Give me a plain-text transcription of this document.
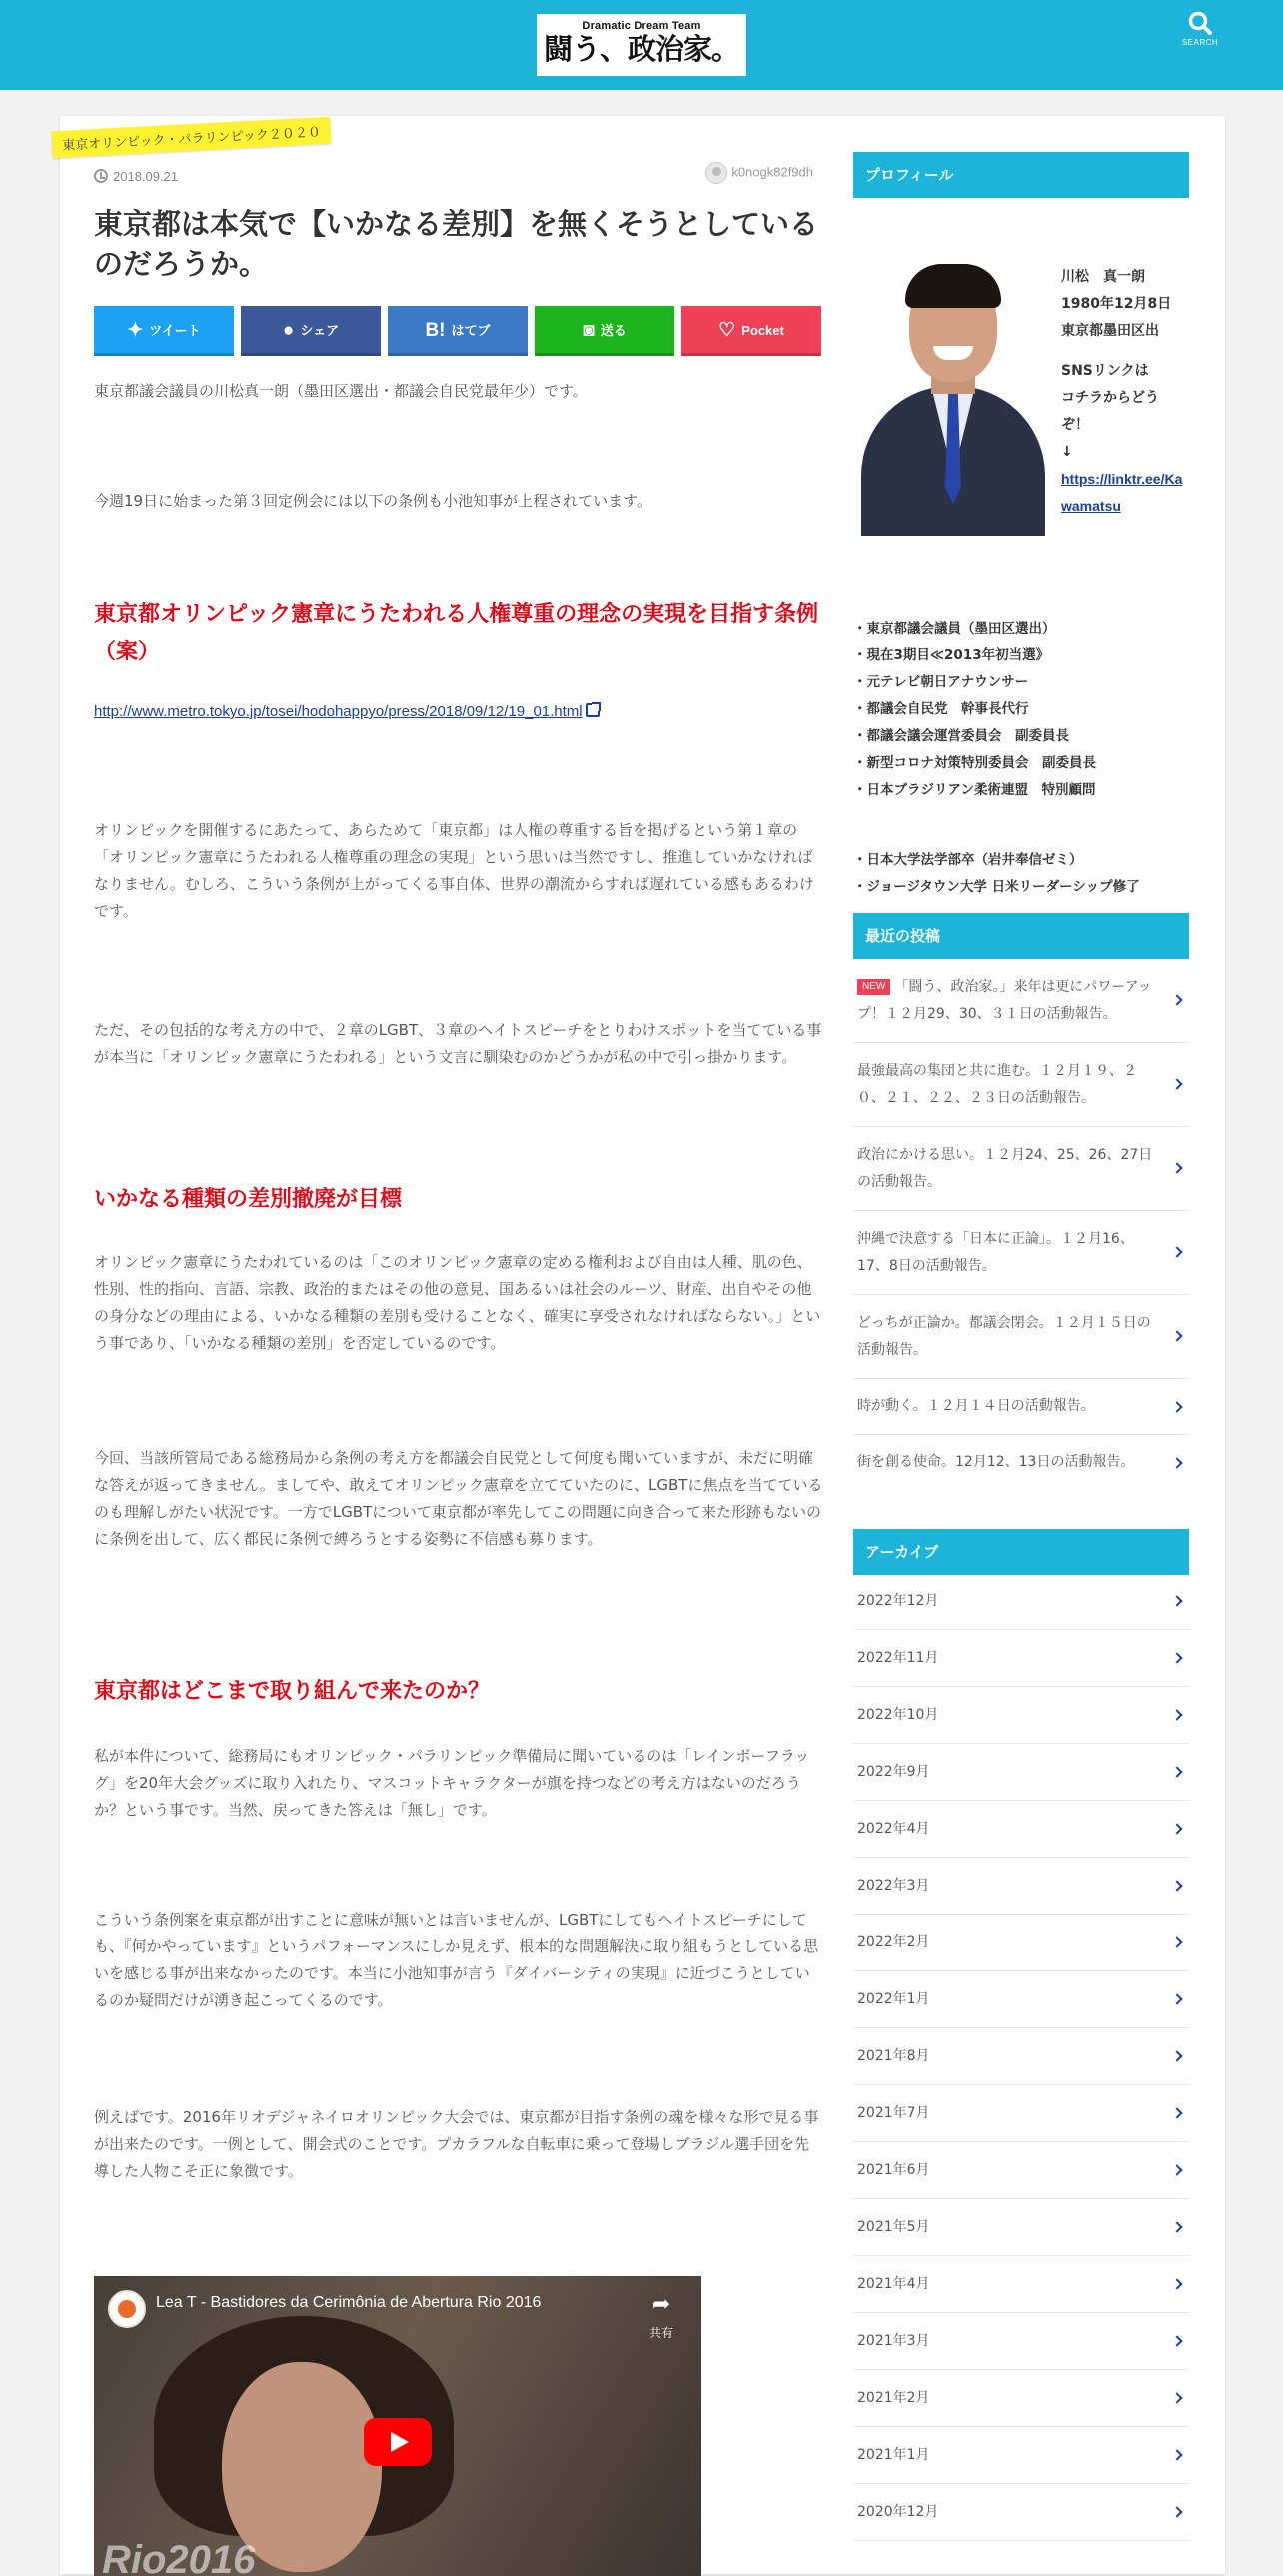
Dramatic Dream Team
闘う、政治家。	SEARCH
東京オリンピック・パラリンピック２０２０
2018.09.21	k0nogk82f9dh
東京都は本気で【いかなる差別】を無くそうとしているのだろうか。
✦ ツイート	● シェア	B! はてブ	◙ 送る	♡ Pocket

東京都議会議員の川松真一朗（墨田区選出・都議会自民党最年少）です。

今週19日に始まった第３回定例会には以下の条例も小池知事が上程されています。

東京都オリンピック憲章にうたわれる人権尊重の理念の実現を目指す条例（案）
http://www.metro.tokyo.jp/tosei/hodohappyo/press/2018/09/12/19_01.html

オリンピックを開催するにあたって、あらためて「東京都」は人権の尊重する旨を掲げるという第１章の「オリンピック憲章にうたわれる人権尊重の理念の実現」という思いは当然ですし、推進していかなければなりません。むしろ、こういう条例が上がってくる事自体、世界の潮流からすれば遅れている感もあるわけです。

ただ、その包括的な考え方の中で、２章のLGBT、３章のヘイトスピーチをとりわけスポットを当てている事が本当に「オリンピック憲章にうたわれる」という文言に馴染むのかどうかが私の中で引っ掛かります。

いかなる種類の差別撤廃が目標

オリンピック憲章にうたわれているのは「このオリンピック憲章の定める権利および自由は人種、肌の色、性別、性的指向、言語、宗教、政治的またはその他の意見、国あるいは社会のルーツ、財産、出自やその他の身分などの理由による、いかなる種類の差別も受けることなく、確実に享受されなければならない。」という事であり、「いかなる種類の差別」を否定しているのです。

今回、当該所管局である総務局から条例の考え方を都議会自民党として何度も聞いていますが、未だに明確な答えが返ってきません。ましてや、敢えてオリンピック憲章を立てていたのに、LGBTに焦点を当てているのも理解しがたい状況です。一方でLGBTについて東京都が率先してこの問題に向き合って来た形跡もないのに条例を出して、広く都民に条例で縛ろうとする姿勢に不信感も募ります。

東京都はどこまで取り組んで来たのか？

私が本件について、総務局にもオリンピック・パラリンピック準備局に聞いているのは「レインボーフラッグ」を20年大会グッズに取り入れたり、マスコットキャラクターが旗を持つなどの考え方はないのだろうか？という事です。当然、戻ってきた答えは「無し」です。

こういう条例案を東京都が出すことに意味が無いとは言いませんが、LGBTにしてもヘイトスピーチにしても、『何かやっています』というパフォーマンスにしか見えず、根本的な問題解決に取り組もうとしている思いを感じる事が出来なかったのです。本当に小池知事が言う『ダイバーシティの実現』に近づこうとしているのか疑問だけが湧き起こってくるのです。

例えばです。2016年リオデジャネイロオリンピック大会では、東京都が目指す条例の魂を様々な形で見る事が出来たのです。一例として、開会式のことです。プカラフルな自転車に乗って登場しブラジル選手団を先導した人物こそ正に象徴です。

Lea T - Bastidores da Cerimônia de Abertura Rio 2016	➦
共有
Rio2016
プロフィール
川松　真一朗
1980年12月8日
東京都墨田区出
SNSリンクは
コチラからどう
ぞ！
↓
https://linktr.ee/Kawamatsu
・東京都議会議員（墨田区選出）
・現在3期目≪2013年初当選》
・元テレビ朝日アナウンサー
・都議会自民党　幹事長代行
・都議会議会運営委員会　副委員長
・新型コロナ対策特別委員会　副委員長
・日本ブラジリアン柔術連盟　特別顧問
・日本大学法学部卒（岩井奉信ゼミ）
・ジョージタウン大学 日米リーダーシップ修了
最近の投稿
NEW 「闘う、政治家。」来年は更にパワーアップ！１２月29、30、３１日の活動報告。
最強最高の集団と共に進む。１２月１９、２０、２１、２２、２３日の活動報告。
政治にかける思い。１２月24、25、26、27日の活動報告。
沖縄で決意する「日本に正論」。１２月16、17、8日の活動報告。
どっちが正論か。都議会閉会。１２月１５日の活動報告。
時が動く。１２月１４日の活動報告。
街を創る使命。12月12、13日の活動報告。
アーカイブ
2022年12月
2022年11月
2022年10月
2022年9月
2022年4月
2022年3月
2022年2月
2022年1月
2021年8月
2021年7月
2021年6月
2021年5月
2021年4月
2021年3月
2021年2月
2021年1月
2020年12月
